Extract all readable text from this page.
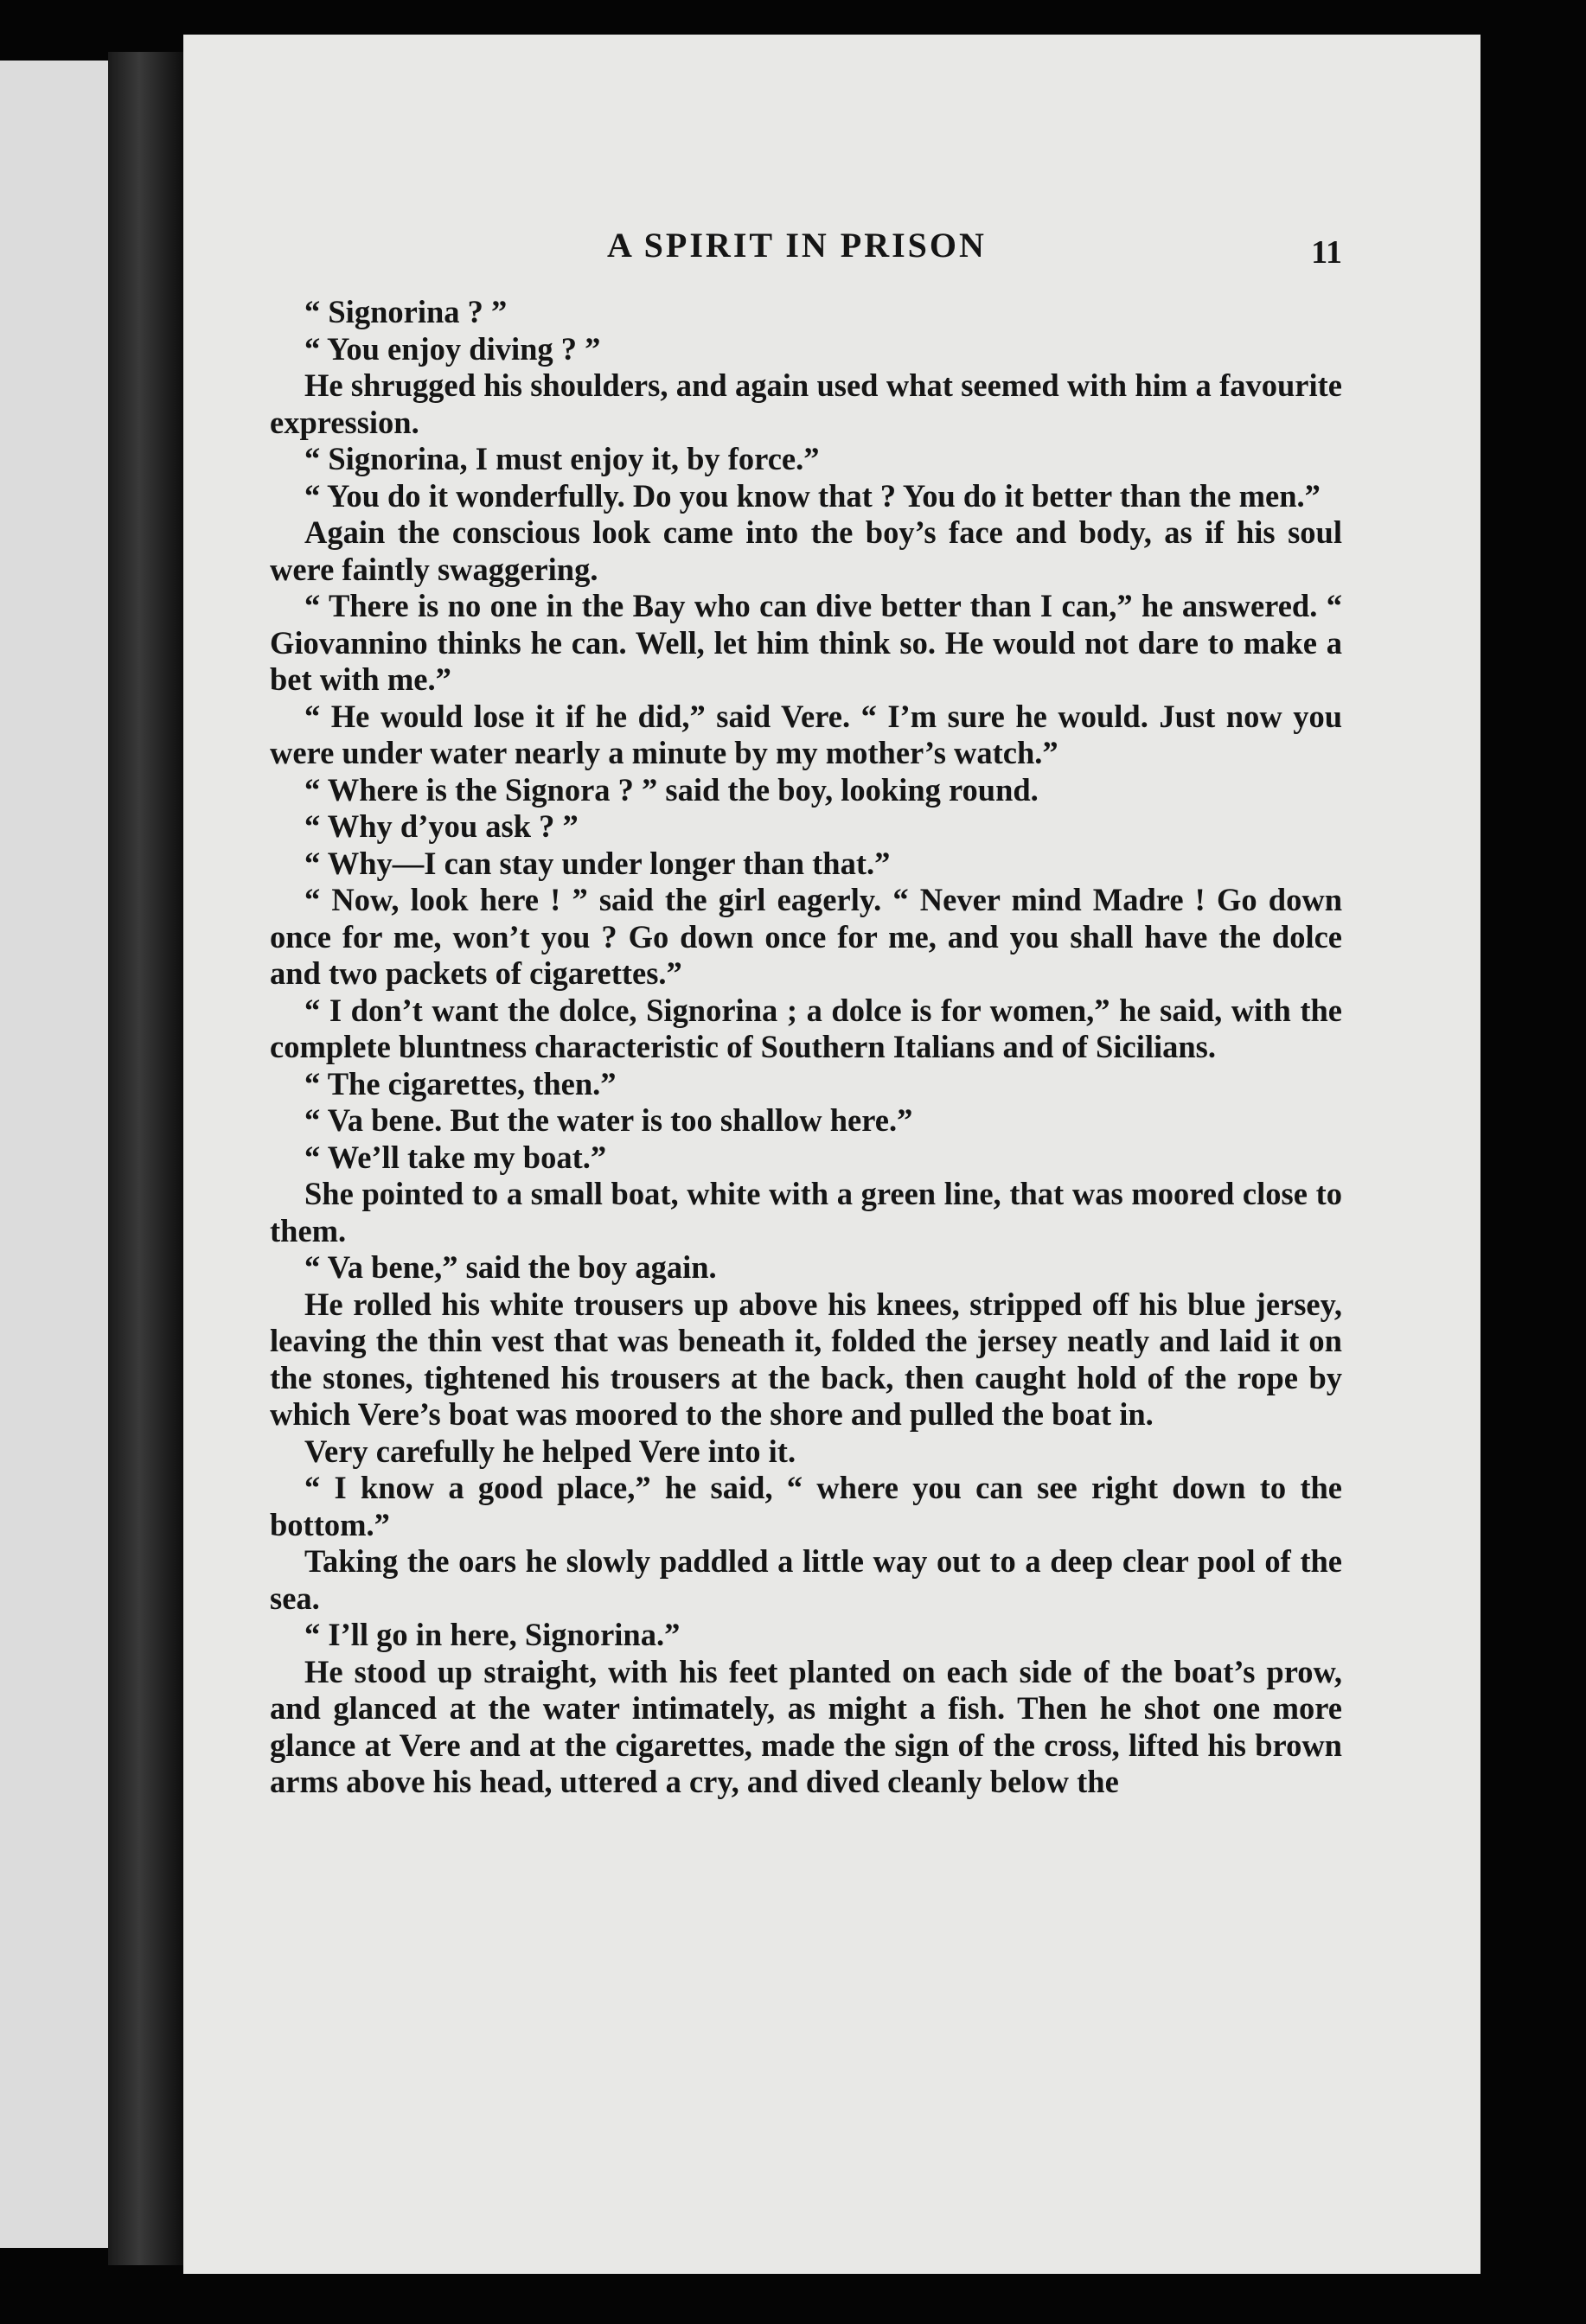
A SPIRIT IN PRISON	11

“ Signorina ? ”

“ You enjoy diving ? ”

He shrugged his shoulders, and again used what seemed with him a favourite expression.

“ Signorina, I must enjoy it, by force.”

“ You do it wonderfully. Do you know that ? You do it better than the men.”

Again the conscious look came into the boy’s face and body, as if his soul were faintly swaggering.

“ There is no one in the Bay who can dive better than I can,” he answered. “ Giovannino thinks he can. Well, let him think so. He would not dare to make a bet with me.”

“ He would lose it if he did,” said Vere. “ I’m sure he would. Just now you were under water nearly a minute by my mother’s watch.”

“ Where is the Signora ? ” said the boy, looking round.

“ Why d’you ask ? ”

“ Why—I can stay under longer than that.”

“ Now, look here ! ” said the girl eagerly. “ Never mind Madre ! Go down once for me, won’t you ? Go down once for me, and you shall have the dolce and two packets of cigarettes.”

“ I don’t want the dolce, Signorina ; a dolce is for women,” he said, with the complete bluntness characteristic of Southern Italians and of Sicilians.

“ The cigarettes, then.”

“ Va bene. But the water is too shallow here.”

“ We’ll take my boat.”

She pointed to a small boat, white with a green line, that was moored close to them.

“ Va bene,” said the boy again.

He rolled his white trousers up above his knees, stripped off his blue jersey, leaving the thin vest that was beneath it, folded the jersey neatly and laid it on the stones, tightened his trousers at the back, then caught hold of the rope by which Vere’s boat was moored to the shore and pulled the boat in.

Very carefully he helped Vere into it.

“ I know a good place,” he said, “ where you can see right down to the bottom.”

Taking the oars he slowly paddled a little way out to a deep clear pool of the sea.

“ I’ll go in here, Signorina.”

He stood up straight, with his feet planted on each side of the boat’s prow, and glanced at the water intimately, as might a fish. Then he shot one more glance at Vere and at the cigarettes, made the sign of the cross, lifted his brown arms above his head, uttered a cry, and dived cleanly below the
